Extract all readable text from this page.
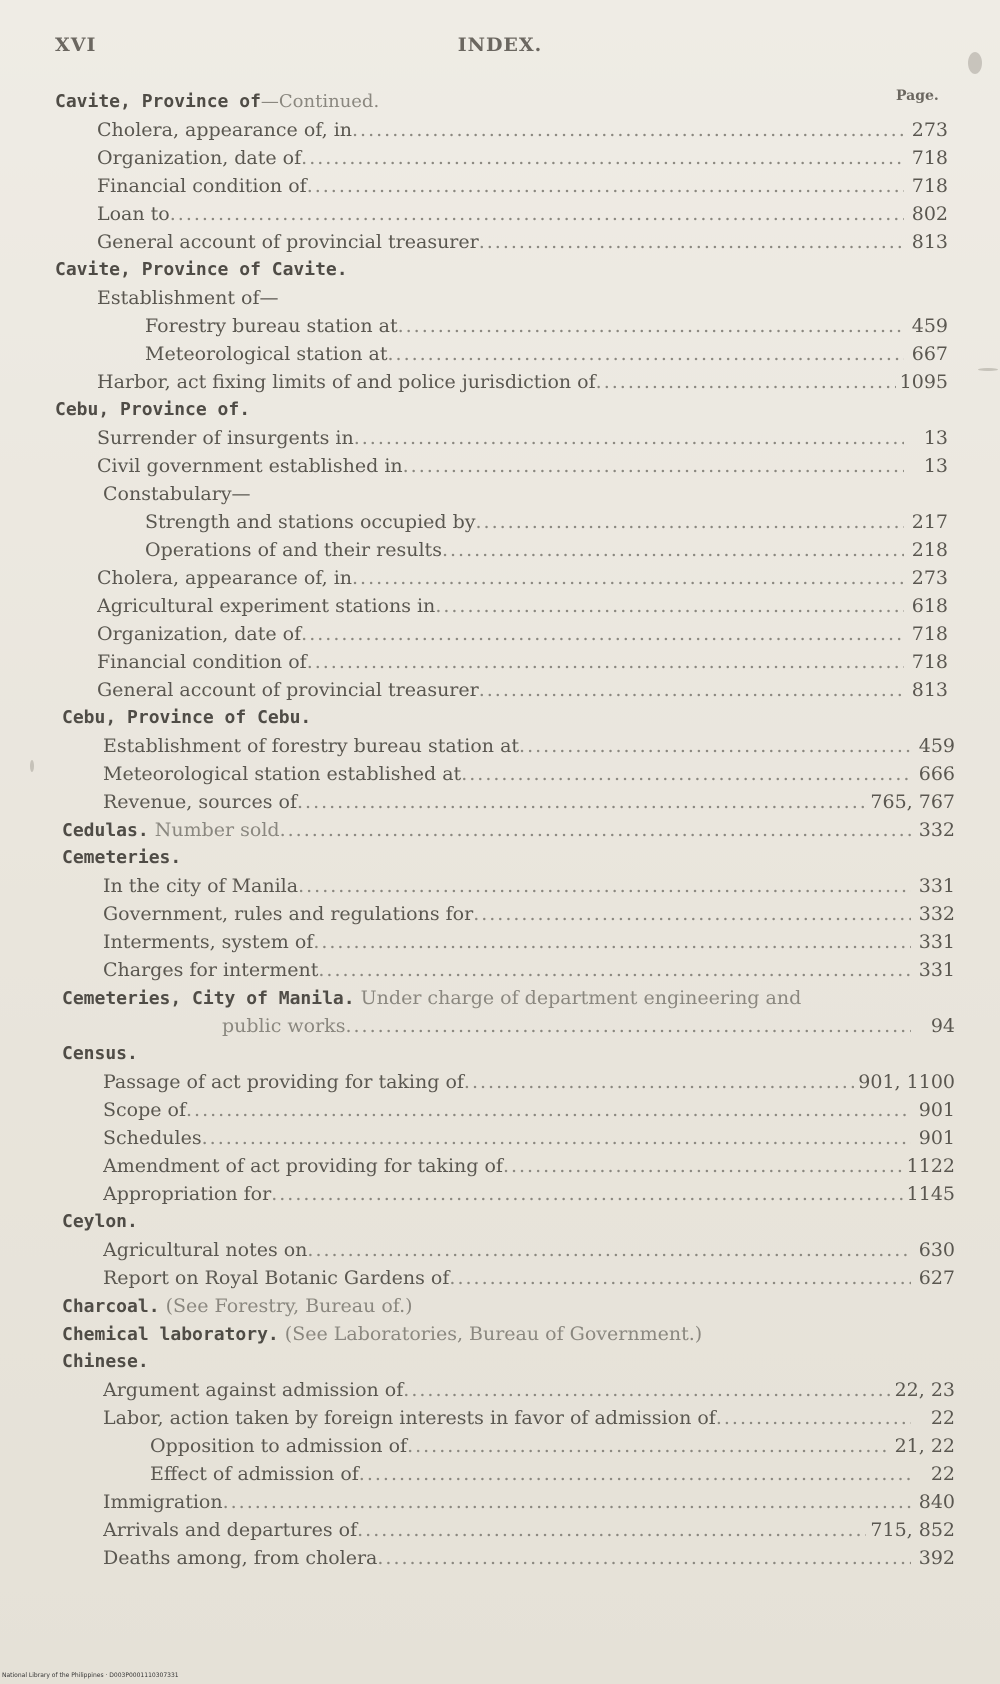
XVI	INDEX.
Page.
Cavite, Province of—Continued.
Cholera, appearance of, in .....	273
Organization, date of .....	718
Financial condition of .....	718
Loan to .....	802
General account of provincial treasurer .....	813
Cavite, Province of Cavite.
Establishment of—
Forestry bureau station at .....	459
Meteorological station at .....	667
Harbor, act fixing limits of and police jurisdiction of .....	1095
Cebu, Province of.
Surrender of insurgents in .....	13
Civil government established in .....	13
Constabulary—
Strength and stations occupied by .....	217
Operations of and their results .....	218
Cholera, appearance of, in .....	273
Agricultural experiment stations in .....	618
Organization, date of .....	718
Financial condition of .....	718
General account of provincial treasurer .....	813
Cebu, Province of Cebu.
Establishment of forestry bureau station at .....	459
Meteorological station established at .....	666
Revenue, sources of .....	765, 767
Cedulas. Number sold .....	332
Cemeteries.
In the city of Manila .....	331
Government, rules and regulations for .....	332
Interments, system of .....	331
Charges for interment .....	331
Cemeteries, City of Manila. Under charge of department engineering and
public works .....	94
Census.
Passage of act providing for taking of .....	901, 1100
Scope of .....	901
Schedules .....	901
Amendment of act providing for taking of .....	1122
Appropriation for .....	1145
Ceylon.
Agricultural notes on .....	630
Report on Royal Botanic Gardens of .....	627
Charcoal. (See Forestry, Bureau of.)
Chemical laboratory. (See Laboratories, Bureau of Government.)
Chinese.
Argument against admission of .....	22, 23
Labor, action taken by foreign interests in favor of admission of .....	22
Opposition to admission of .....	21, 22
Effect of admission of .....	22
Immigration .....	840
Arrivals and departures of .....	715, 852
Deaths among, from cholera .....	392
National Library of the Philippines · D003P0001110307331
